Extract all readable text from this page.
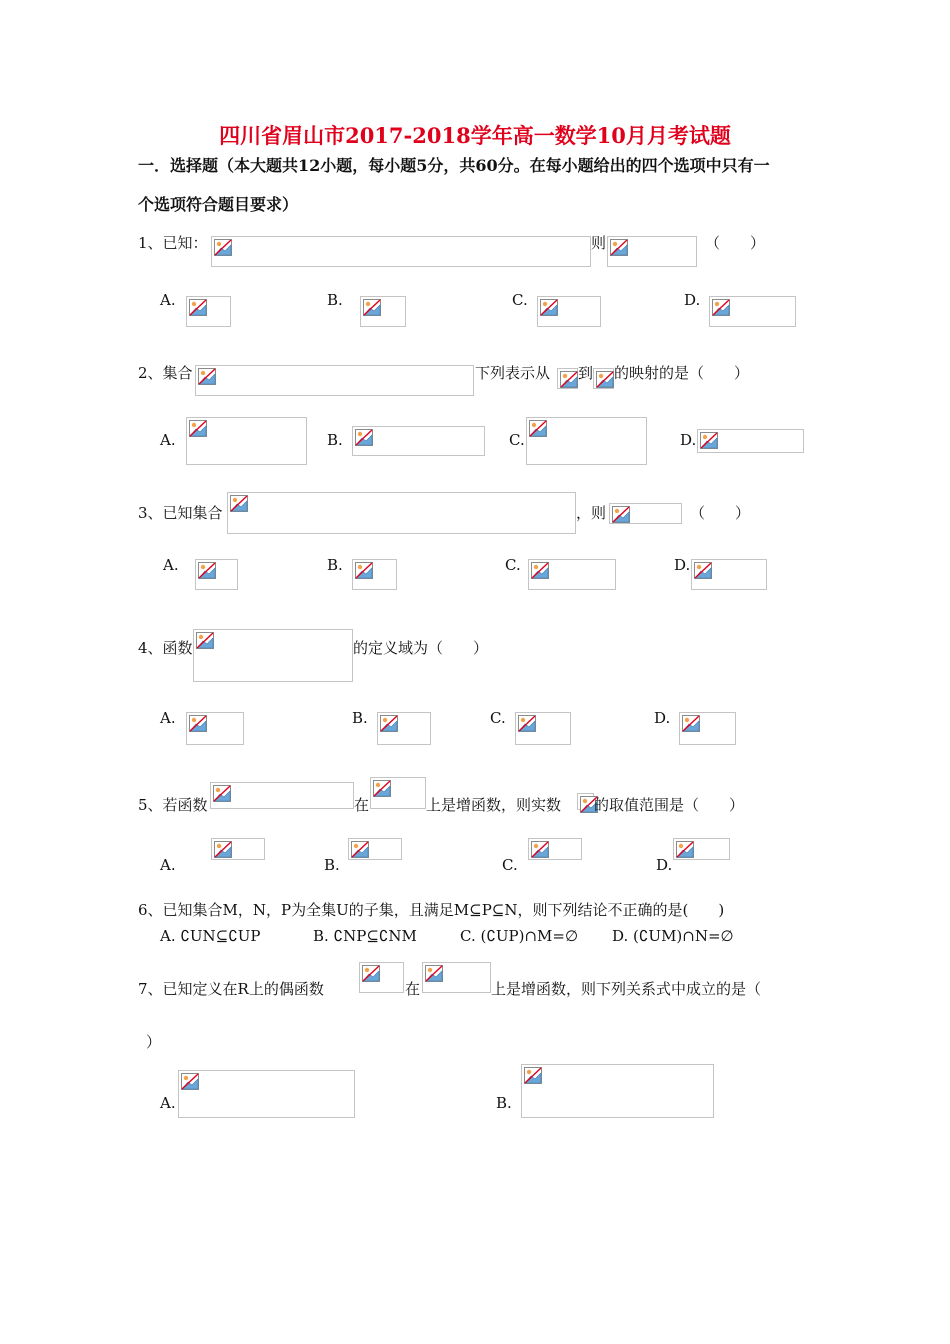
四川省眉山市2017-2018学年高一数学10月月考试题
一．选择题（本大题共12小题，每小题5分，共60分。在每小题给出的四个选项中只有一
个选项符合题目要求）
1、已知：	则	（　　）
A.	B.	C.	D.
2、集合	下列表示从 到 的映射的是（　　）
A.	B.	C.	D.
3、已知集合	，则	（　　）
A.	B.	C.	D.
4、函数	的定义域为（　　）
A.	B.	C.	D.
5、若函数	在	上是增函数，则实数 的取值范围是（　　）
A.	B.	C.	D.
6、已知集合M，N，P为全集U的子集，且满足M⊆P⊆N，则下列结论不正确的是(　　)
A. ∁UN⊆∁UP	B. ∁NP⊆∁NM	C. (∁UP)∩M=∅ D. (∁UM)∩N=∅
7、已知定义在R上的偶函数	在	上是增函数，则下列关系式中成立的是（
）
A.	B.
